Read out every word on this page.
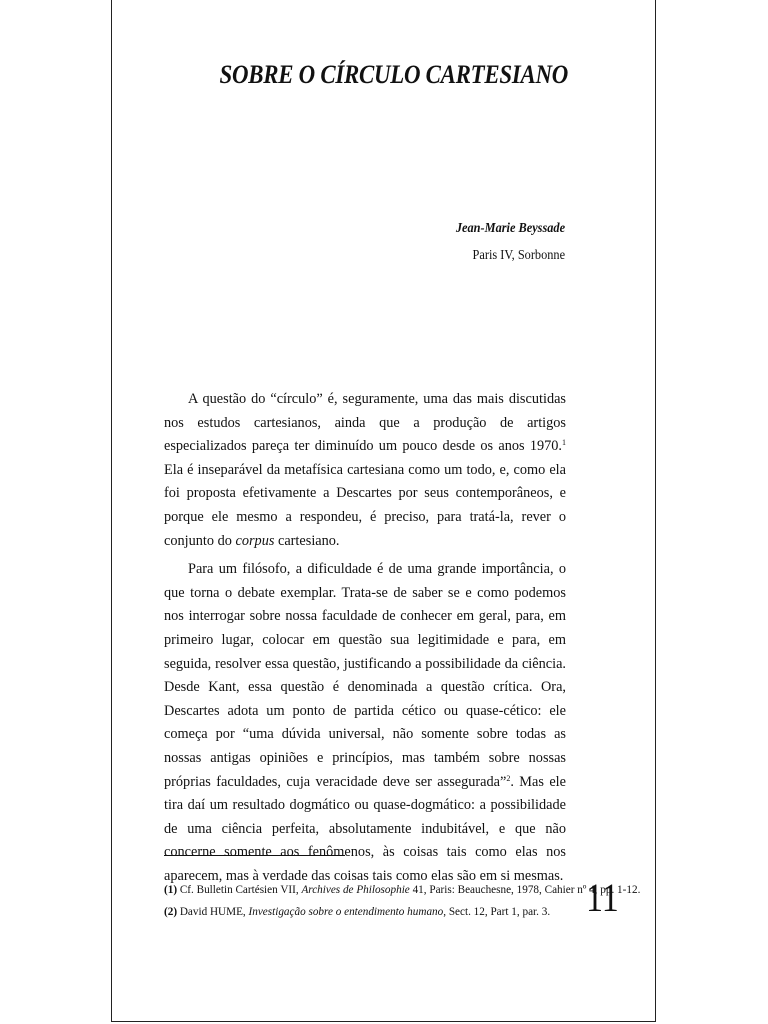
SOBRE O CÍRCULO CARTESIANO
Jean-Marie Beyssade
Paris IV, Sorbonne

A questão do “círculo” é, seguramente, uma das mais discutidas nos estudos cartesianos, ainda que a produção de artigos especializados pareça ter diminuído um pouco desde os anos 1970.$^1$ Ela é inseparável da metafísica cartesiana como um todo, e, como ela foi proposta efetivamente a Descartes por seus contemporâneos, e porque ele mesmo a respondeu, é preciso, para tratá-la, rever o conjunto do corpus cartesiano.

Para um filósofo, a dificuldade é de uma grande importância, o que torna o debate exemplar. Trata-se de saber se e como podemos nos interrogar sobre nossa faculdade de conhecer em geral, para, em primeiro lugar, colocar em questão sua legitimidade e para, em seguida, resolver essa questão, justificando a possibilidade da ciência. Desde Kant, essa questão é denominada a questão crítica. Ora, Descartes adota um ponto de partida cético ou quase-cético: ele começa por “uma dúvida universal, não somente sobre todas as nossas antigas opiniões e princípios, mas também sobre nossas próprias faculdades, cuja veracidade deve ser assegurada”$^2$. Mas ele tira daí um resultado dogmático ou quase-dogmático: a possibilidade de uma ciência perfeita, absolutamente indubitável, e que não concerne somente aos fenômenos, às coisas tais como elas nos aparecem, mas à verdade das coisas tais como elas são em si mesmas.

(1) Cf. Bulletin Cartésien VII, Archives de Philosophie 41, Paris: Beauchesne, 1978, Cahier nº 4, pp. 1-12.
(2) David HUME, Investigação sobre o entendimento humano, Sect. 12, Part 1, par. 3. 11
